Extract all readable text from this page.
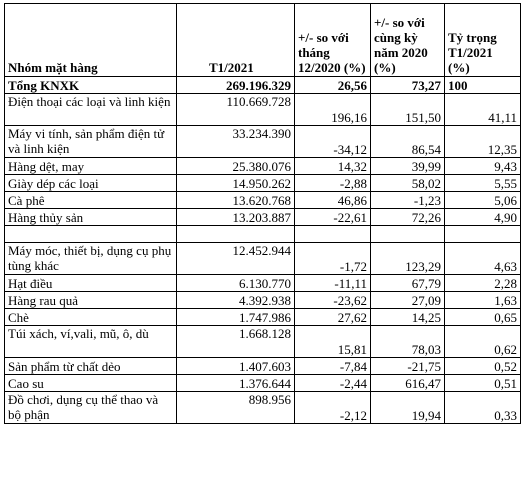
Nhóm mặt hàng	T1/2021	+/- so với tháng 12/2020 (%)	+/- so với cùng kỳ năm 2020 (%)	Tỷ trọng T1/2021 (%)
Tổng KNXK	269.196.329	26,56	73,27	100
Điện thoại các loại và linh kiện	110.669.728	196,16	151,50	41,11
Máy vi tính, sản phẩm điện tử và linh kiện	33.234.390	-34,12	86,54	12,35
Hàng dệt, may	25.380.076	14,32	39,99	9,43
Giày dép các loại	14.950.262	-2,88	58,02	5,55
Cà phê	13.620.768	46,86	-1,23	5,06
Hàng thủy sản	13.203.887	-22,61	72,26	4,90

Máy móc, thiết bị, dụng cụ phụ tùng khác	12.452.944	-1,72	123,29	4,63
Hạt điều	6.130.770	-11,11	67,79	2,28
Hàng rau quả	4.392.938	-23,62	27,09	1,63
Chè	1.747.986	27,62	14,25	0,65
Túi xách, ví,vali, mũ, ô, dù	1.668.128	15,81	78,03	0,62
Sản phẩm từ chất dẻo	1.407.603	-7,84	-21,75	0,52
Cao su	1.376.644	-2,44	616,47	0,51
Đồ chơi, dụng cụ thể thao và bộ phận	898.956	-2,12	19,94	0,33
